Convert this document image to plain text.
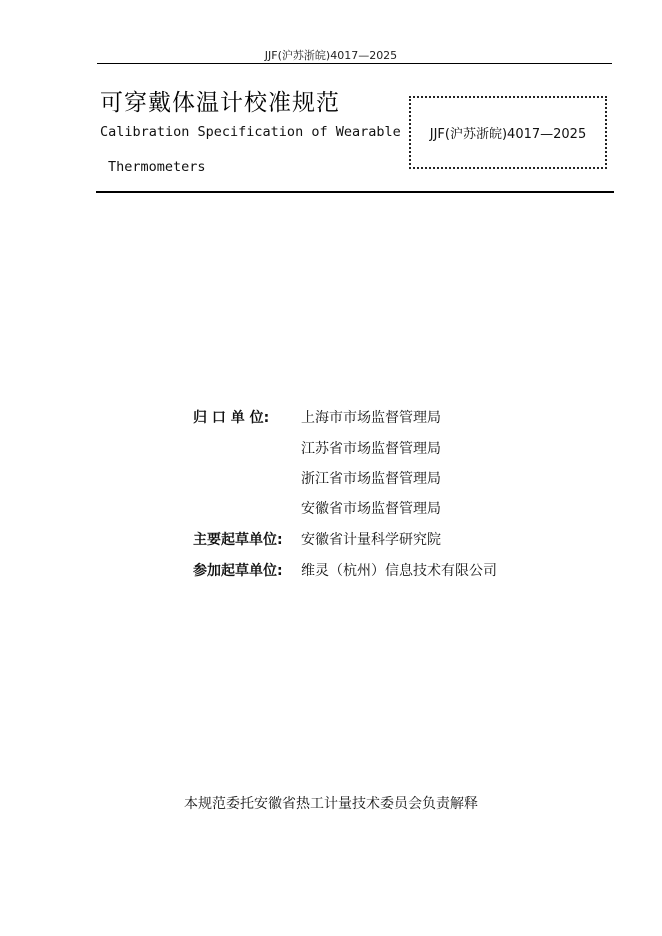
JJF(沪苏浙皖)4017—2025
可穿戴体温计校准规范
Calibration Specification of Wearable
Thermometers
JJF(沪苏浙皖)4017—2025
归 口 单 位:	上海市市场监督管理局
江苏省市场监督管理局
浙江省市场监督管理局
安徽省市场监督管理局
主要起草单位:	安徽省计量科学研究院
参加起草单位:	维灵（杭州）信息技术有限公司
本规范委托安徽省热工计量技术委员会负责解释
